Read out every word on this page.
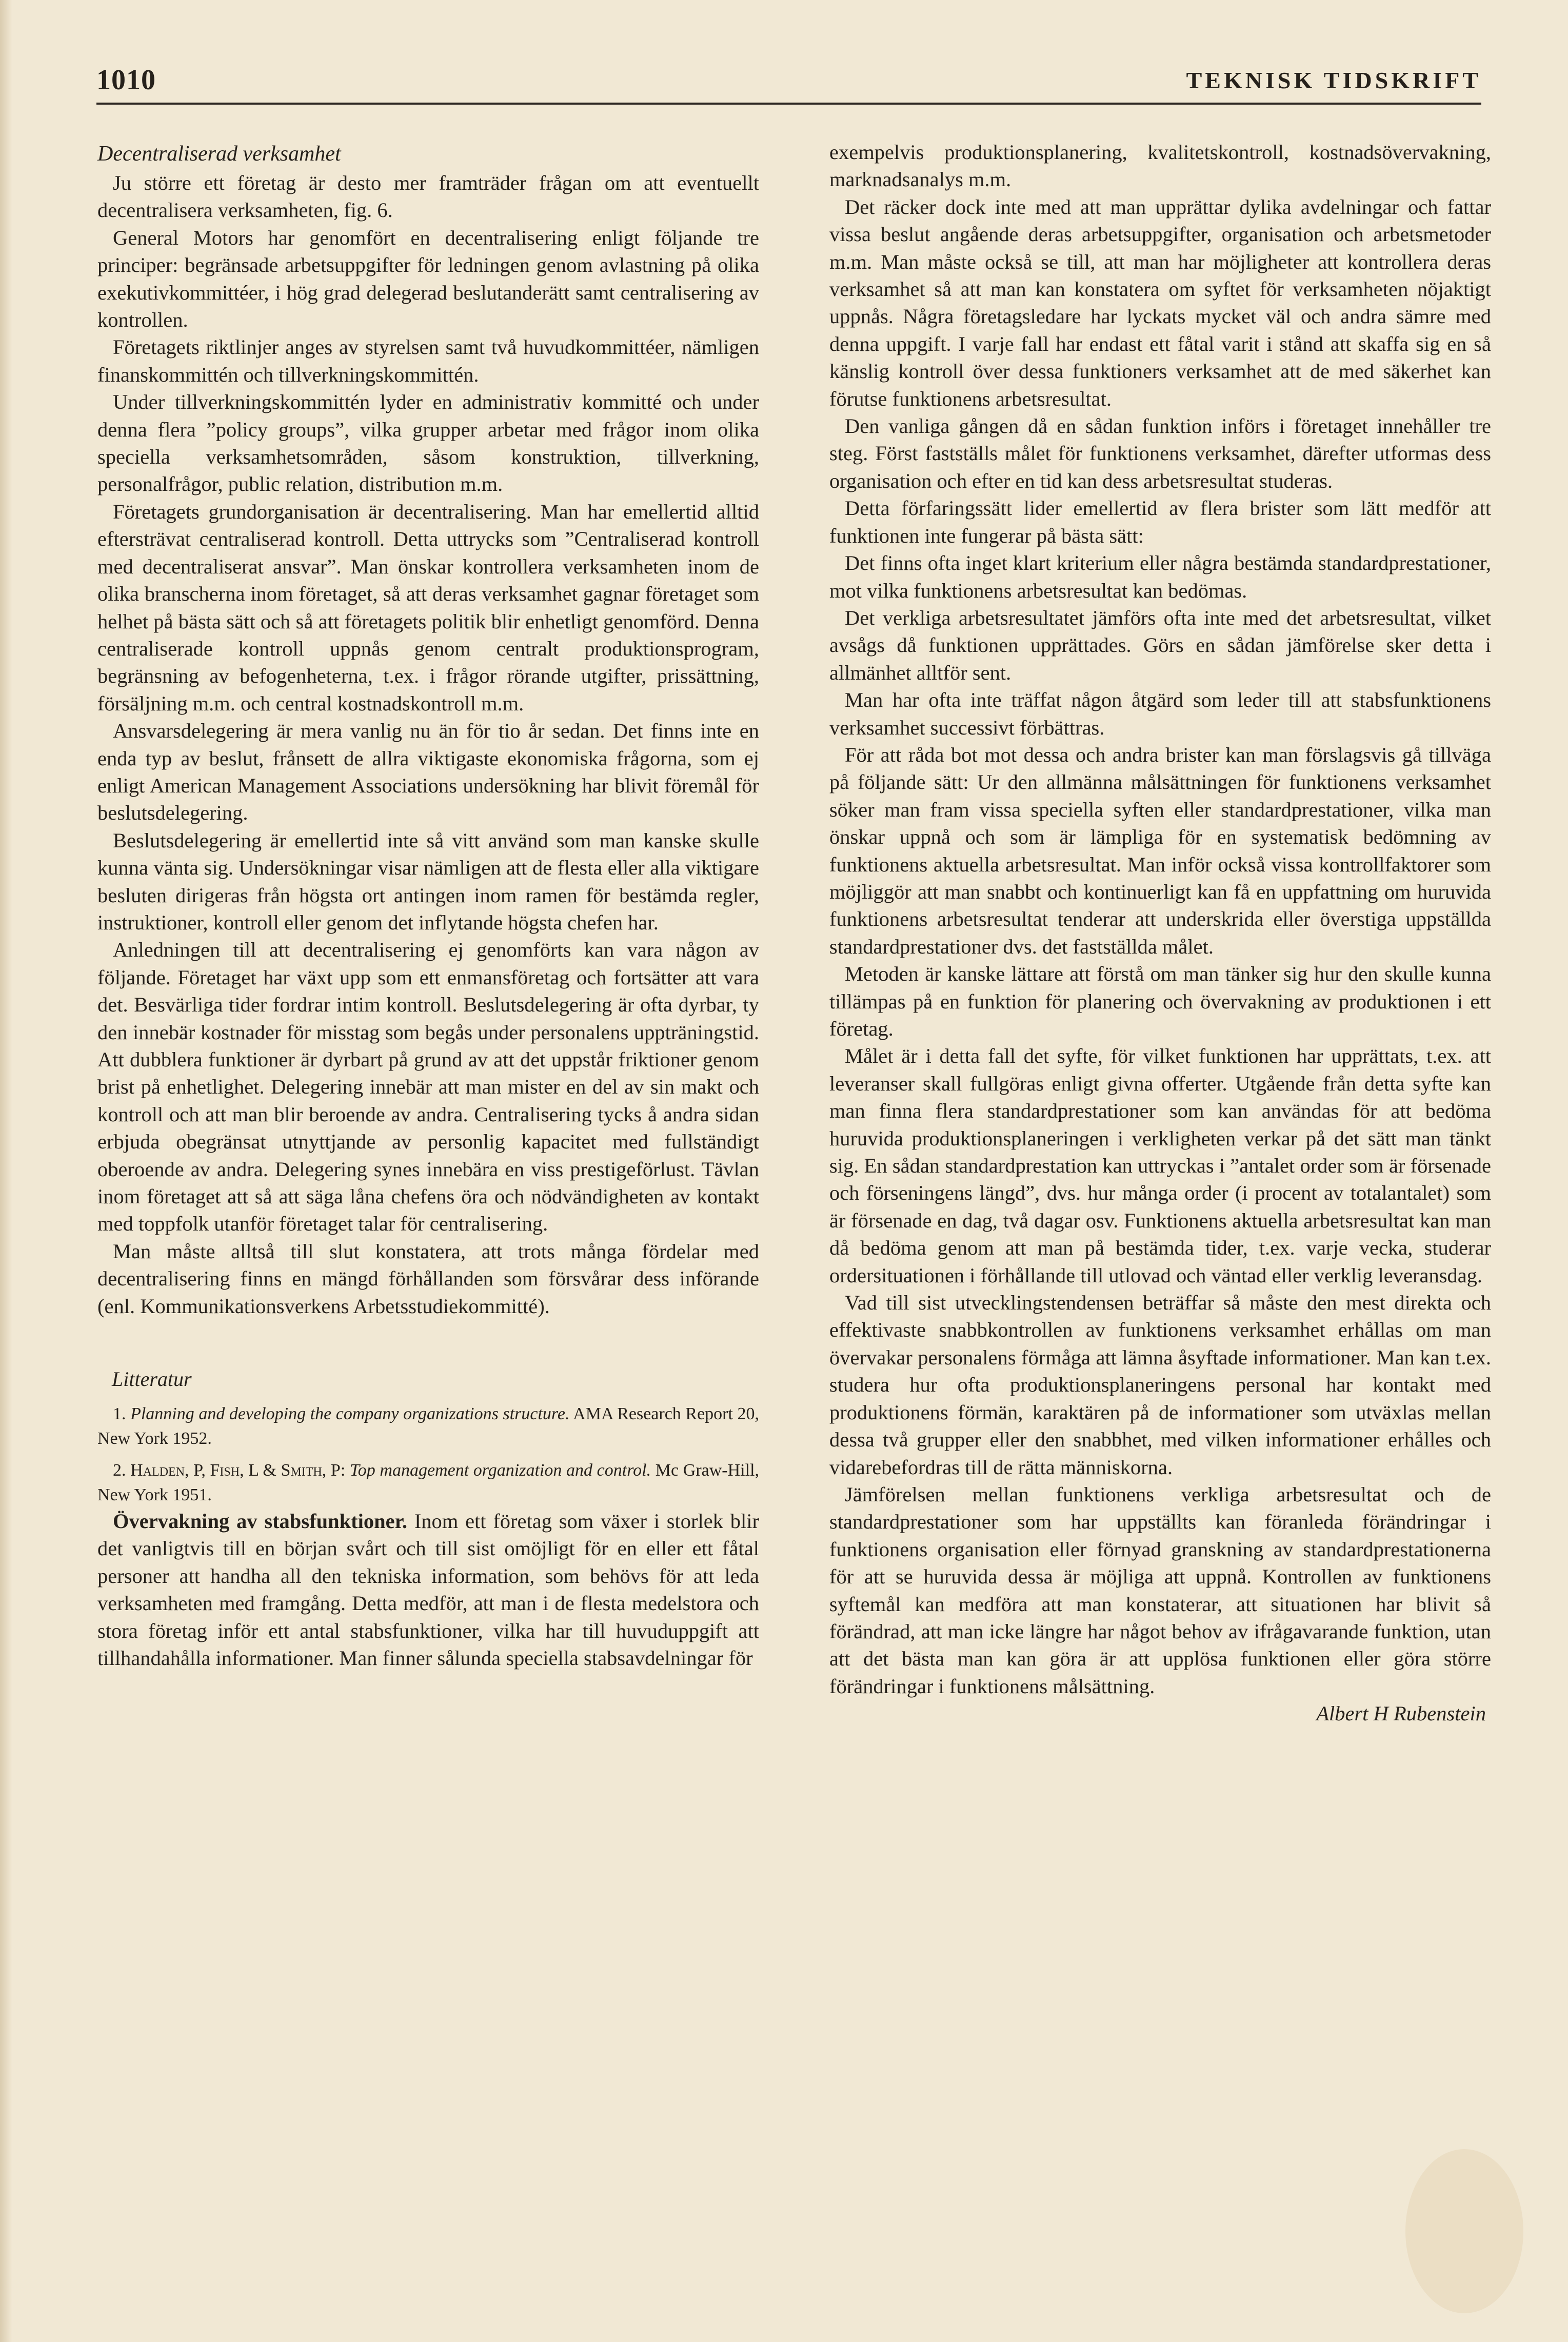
1010	TEKNISK TIDSKRIFT

Decentraliserad verksamhet

Ju större ett företag är desto mer framträder frågan om att eventuellt decentralisera verksamheten, fig. 6.

General Motors har genomfört en decentralisering enligt följande tre principer: begränsade arbetsuppgifter för ledningen genom avlastning på olika exekutivkommittéer, i hög grad delegerad beslutanderätt samt centralisering av kontrollen.

Företagets riktlinjer anges av styrelsen samt två huvudkommittéer, nämligen finanskommittén och tillverkningskommittén.

Under tillverkningskommittén lyder en administrativ kommitté och under denna flera ”policy groups”, vilka grupper arbetar med frågor inom olika speciella verksamhetsområden, såsom konstruktion, tillverkning, personalfrågor, public relation, distribution m.m.

Företagets grundorganisation är decentralisering. Man har emellertid alltid eftersträvat centraliserad kontroll. Detta uttrycks som ”Centraliserad kontroll med decentraliserat ansvar”. Man önskar kontrollera verksamheten inom de olika branscherna inom företaget, så att deras verksamhet gagnar företaget som helhet på bästa sätt och så att företagets politik blir enhetligt genomförd. Denna centraliserade kontroll uppnås genom centralt produktionsprogram, begränsning av befogenheterna, t.ex. i frågor rörande utgifter, prissättning, försäljning m.m. och central kostnadskontroll m.m.

Ansvarsdelegering är mera vanlig nu än för tio år sedan. Det finns inte en enda typ av beslut, frånsett de allra viktigaste ekonomiska frågorna, som ej enligt American Management Associations undersökning har blivit föremål för beslutsdelegering.

Beslutsdelegering är emellertid inte så vitt använd som man kanske skulle kunna vänta sig. Undersökningar visar nämligen att de flesta eller alla viktigare besluten dirigeras från högsta ort antingen inom ramen för bestämda regler, instruktioner, kontroll eller genom det inflytande högsta chefen har.

Anledningen till att decentralisering ej genomförts kan vara någon av följande. Företaget har växt upp som ett enmansföretag och fortsätter att vara det. Besvärliga tider fordrar intim kontroll. Beslutsdelegering är ofta dyrbar, ty den innebär kostnader för misstag som begås under personalens uppträningstid. Att dubblera funktioner är dyrbart på grund av att det uppstår friktioner genom brist på enhetlighet. Delegering innebär att man mister en del av sin makt och kontroll och att man blir beroende av andra. Centralisering tycks å andra sidan erbjuda obegränsat utnyttjande av personlig kapacitet med fullständigt oberoende av andra. Delegering synes innebära en viss prestigeförlust. Tävlan inom företaget att så att säga låna chefens öra och nödvändigheten av kontakt med toppfolk utanför företaget talar för centralisering.

Man måste alltså till slut konstatera, att trots många fördelar med decentralisering finns en mängd förhållanden som försvårar dess införande (enl. Kommunikationsverkens Arbetsstudiekommitté).

Litteratur

1. Planning and developing the company organizations structure. AMA Research Report 20, New York 1952.
2. Halden, P, Fish, L & Smith, P: Top management organization and control. Mc Graw-Hill, New York 1951.

Övervakning av stabsfunktioner. Inom ett företag som växer i storlek blir det vanligtvis till en början svårt och till sist omöjligt för en eller ett fåtal personer att handha all den tekniska information, som behövs för att leda verksamheten med framgång. Detta medför, att man i de flesta medelstora och stora företag inför ett antal stabsfunktioner, vilka har till huvuduppgift att tillhandahålla informationer. Man finner sålunda speciella stabsavdelningar för

exempelvis produktionsplanering, kvalitetskontroll, kostnadsövervakning, marknadsanalys m.m.

Det räcker dock inte med att man upprättar dylika avdelningar och fattar vissa beslut angående deras arbetsuppgifter, organisation och arbetsmetoder m.m. Man måste också se till, att man har möjligheter att kontrollera deras verksamhet så att man kan konstatera om syftet för verksamheten nöjaktigt uppnås. Några företagsledare har lyckats mycket väl och andra sämre med denna uppgift. I varje fall har endast ett fåtal varit i stånd att skaffa sig en så känslig kontroll över dessa funktioners verksamhet att de med säkerhet kan förutse funktionens arbetsresultat.

Den vanliga gången då en sådan funktion införs i företaget innehåller tre steg. Först fastställs målet för funktionens verksamhet, därefter utformas dess organisation och efter en tid kan dess arbetsresultat studeras.

Detta förfaringssätt lider emellertid av flera brister som lätt medför att funktionen inte fungerar på bästa sätt:

Det finns ofta inget klart kriterium eller några bestämda standardprestationer, mot vilka funktionens arbetsresultat kan bedömas.

Det verkliga arbetsresultatet jämförs ofta inte med det arbetsresultat, vilket avsågs då funktionen upprättades. Görs en sådan jämförelse sker detta i allmänhet alltför sent.

Man har ofta inte träffat någon åtgärd som leder till att stabsfunktionens verksamhet successivt förbättras.

För att råda bot mot dessa och andra brister kan man förslagsvis gå tillväga på följande sätt: Ur den allmänna målsättningen för funktionens verksamhet söker man fram vissa speciella syften eller standardprestationer, vilka man önskar uppnå och som är lämpliga för en systematisk bedömning av funktionens aktuella arbetsresultat. Man inför också vissa kontrollfaktorer som möjliggör att man snabbt och kontinuerligt kan få en uppfattning om huruvida funktionens arbetsresultat tenderar att underskrida eller överstiga uppställda standardprestationer dvs. det fastställda målet.

Metoden är kanske lättare att förstå om man tänker sig hur den skulle kunna tillämpas på en funktion för planering och övervakning av produktionen i ett företag.

Målet är i detta fall det syfte, för vilket funktionen har upprättats, t.ex. att leveranser skall fullgöras enligt givna offerter. Utgående från detta syfte kan man finna flera standardprestationer som kan användas för att bedöma huruvida produktionsplaneringen i verkligheten verkar på det sätt man tänkt sig. En sådan standardprestation kan uttryckas i ”antalet order som är försenade och förseningens längd”, dvs. hur många order (i procent av totalantalet) som är försenade en dag, två dagar osv. Funktionens aktuella arbetsresultat kan man då bedöma genom att man på bestämda tider, t.ex. varje vecka, studerar ordersituationen i förhållande till utlovad och väntad eller verklig leveransdag.

Vad till sist utvecklingstendensen beträffar så måste den mest direkta och effektivaste snabbkontrollen av funktionens verksamhet erhållas om man övervakar personalens förmåga att lämna åsyftade informationer. Man kan t.ex. studera hur ofta produktionsplaneringens personal har kontakt med produktionens förmän, karaktären på de informationer som utväxlas mellan dessa två grupper eller den snabbhet, med vilken informationer erhålles och vidarebefordras till de rätta människorna.

Jämförelsen mellan funktionens verkliga arbetsresultat och de standardprestationer som har uppställts kan föranleda förändringar i funktionens organisation eller förnyad granskning av standardprestationerna för att se huruvida dessa är möjliga att uppnå. Kontrollen av funktionens syftemål kan medföra att man konstaterar, att situationen har blivit så förändrad, att man icke längre har något behov av ifrågavarande funktion, utan att det bästa man kan göra är att upplösa funktionen eller göra större förändringar i funktionens målsättning.

Albert H Rubenstein
